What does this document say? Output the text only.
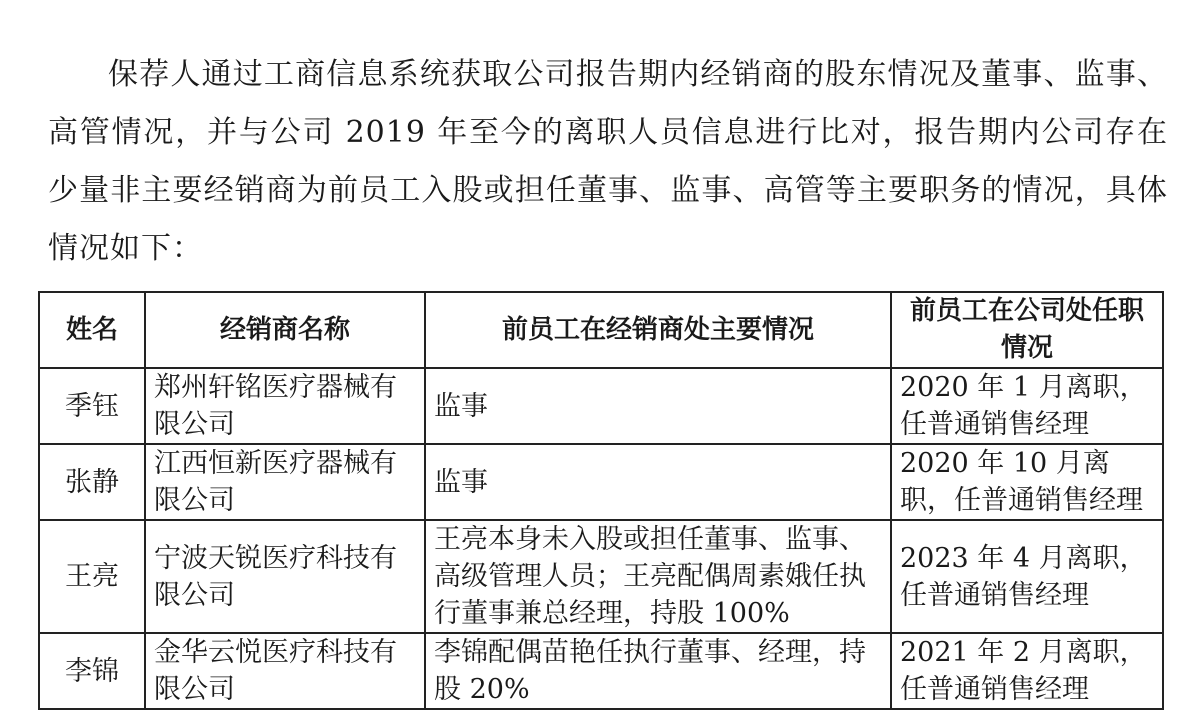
保荐人通过工商信息系统获取公司报告期内经销商的股东情况及董事、监事、高管情况，并与公司 2019 年至今的离职人员信息进行比对，报告期内公司存在少量非主要经销商为前员工入股或担任董事、监事、高管等主要职务的情况，具体情况如下：

姓名	经销商名称	前员工在经销商处主要情况	前员工在公司处任职情况
季钰	郑州轩铭医疗器械有限公司	监事	2020 年 1 月离职，任普通销售经理
张静	江西恒新医疗器械有限公司	监事	2020 年 10 月离职，任普通销售经理
王亮	宁波天锐医疗科技有限公司	王亮本身未入股或担任董事、监事、高级管理人员；王亮配偶周素娥任执行董事兼总经理，持股 100%	2023 年 4 月离职，任普通销售经理
李锦	金华云悦医疗科技有限公司	李锦配偶苗艳任执行董事、经理，持股 20%	2021 年 2 月离职，任普通销售经理
